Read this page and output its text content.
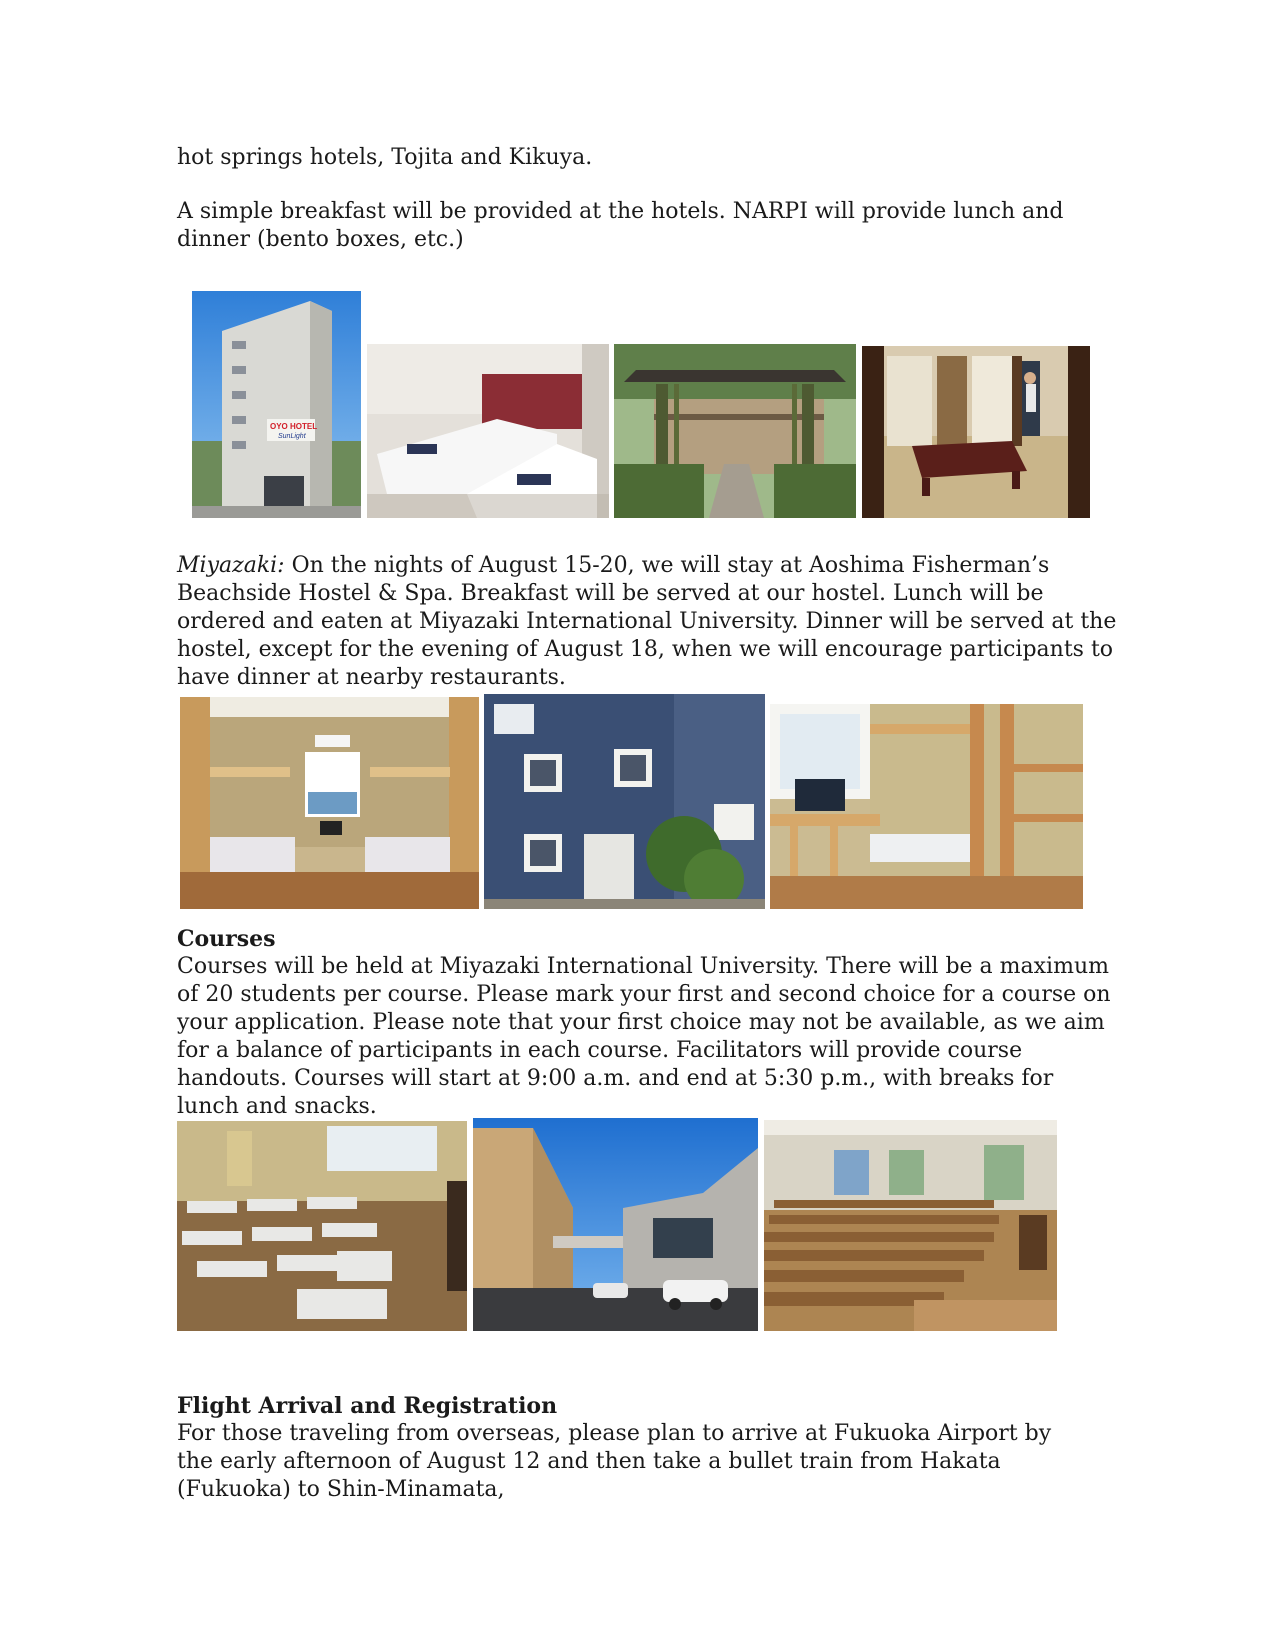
hot springs hotels, Tojita and Kikuya.
A simple breakfast will be provided at the hotels. NARPI will provide lunch and dinner (bento boxes, etc.)
OYO HOTEL
SunLight
Miyazaki: On the nights of August 15-20, we will stay at Aoshima Fisherman’s Beachside Hostel & Spa. Breakfast will be served at our hostel. Lunch will be ordered and eaten at Miyazaki International University. Dinner will be served at the hostel, except for the evening of August 18, when we will encourage participants to have dinner at nearby restaurants.
Courses
Courses will be held at Miyazaki International University. There will be a maximum of 20 students per course. Please mark your first and second choice for a course on your application. Please note that your first choice may not be available, as we aim for a balance of participants in each course. Facilitators will provide course handouts. Courses will start at 9:00 a.m. and end at 5:30 p.m., with breaks for lunch and snacks.
Flight Arrival and Registration
For those traveling from overseas, please plan to arrive at Fukuoka Airport by the early afternoon of August 12 and then take a bullet train from Hakata (Fukuoka) to Shin-Minamata,
